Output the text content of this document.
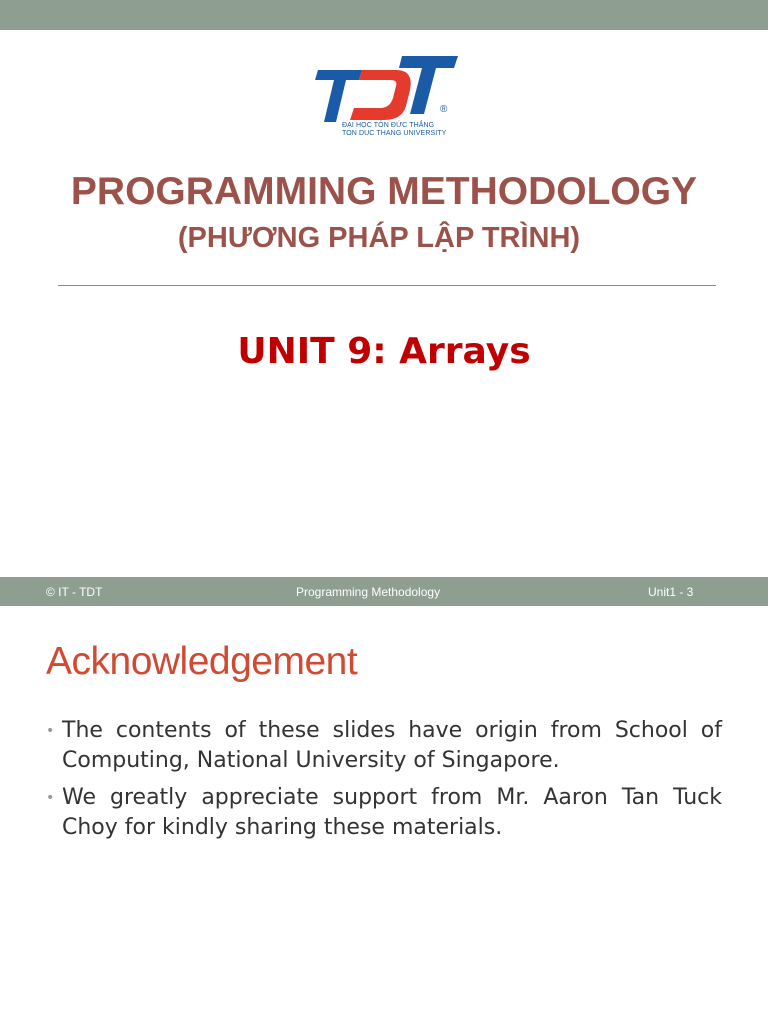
®
ĐẠI HỌC TÔN ĐỨC THẮNG
TON DUC THANG UNIVERSITY
PROGRAMMING METHODOLOGY
(PHƯƠNG PHÁP LẬP TRÌNH)
UNIT 9: Arrays
© IT - TDT	Programming Methodology	Unit1 - 3
Acknowledgement
• The contents of these slides have origin from School of Computing, National University of Singapore.
• We greatly appreciate support from Mr. Aaron Tan Tuck Choy for kindly sharing these materials.
